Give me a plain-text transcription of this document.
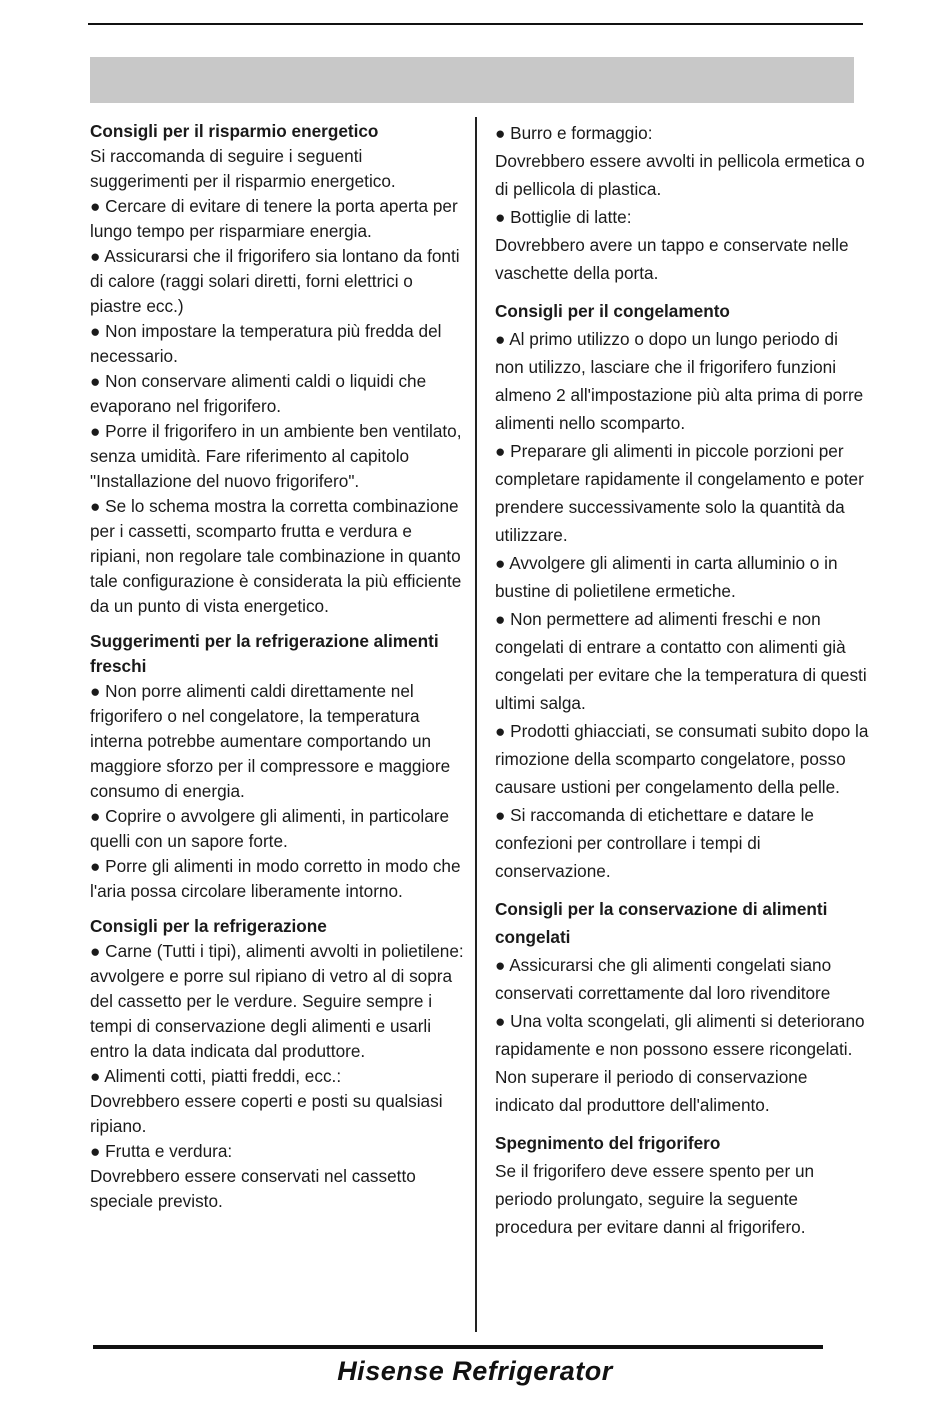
Consigli per il risparmio energetico
Si raccomanda di seguire i seguenti suggerimenti per il risparmio energetico.
● Cercare di evitare di tenere la porta aperta per lungo tempo per risparmiare energia.
● Assicurarsi che il frigorifero sia lontano da fonti di calore (raggi solari diretti, forni elettrici o piastre ecc.)
● Non impostare la temperatura più fredda del necessario.
● Non conservare alimenti caldi o liquidi che evaporano nel frigorifero.
● Porre il frigorifero in un ambiente ben ventilato, senza umidità. Fare riferimento al capitolo "Installazione del nuovo frigorifero".
● Se lo schema mostra la corretta combinazione per i cassetti, scomparto frutta e verdura e ripiani, non regolare tale combinazione in quanto tale configurazione è considerata la più efficiente da un punto di vista energetico.
Suggerimenti per la refrigerazione alimenti freschi
● Non porre alimenti caldi direttamente nel frigorifero o nel congelatore, la temperatura interna potrebbe aumentare comportando un maggiore sforzo per il compressore e maggiore consumo di energia.
● Coprire o avvolgere gli alimenti, in particolare quelli con un sapore forte.
● Porre gli alimenti in modo corretto in modo che l'aria possa circolare liberamente intorno.
Consigli per la refrigerazione
● Carne (Tutti i tipi), alimenti avvolti in polietilene: avvolgere e porre sul ripiano di vetro al di sopra del cassetto per le verdure. Seguire sempre i tempi di conservazione degli alimenti e usarli entro la data indicata dal produttore.
● Alimenti cotti, piatti freddi, ecc.:
Dovrebbero essere coperti e posti su qualsiasi ripiano.
● Frutta e verdura:
Dovrebbero essere conservati nel cassetto speciale previsto.
● Burro e formaggio:
Dovrebbero essere avvolti in pellicola ermetica o di pellicola di plastica.
● Bottiglie di latte:
Dovrebbero avere un tappo e conservate nelle vaschette della porta.
Consigli per il congelamento
● Al primo utilizzo o dopo un lungo periodo di non utilizzo, lasciare che il frigorifero funzioni almeno 2 all'impostazione più alta prima di porre alimenti nello scomparto.
● Preparare gli alimenti in piccole porzioni per completare rapidamente il congelamento e poter prendere successivamente solo la quantità da utilizzare.
● Avvolgere gli alimenti in carta alluminio o in bustine di polietilene ermetiche.
● Non permettere ad alimenti freschi e non congelati di entrare a contatto con alimenti già congelati per evitare che la temperatura di questi ultimi salga.
● Prodotti ghiacciati, se consumati subito dopo la rimozione della scomparto congelatore, posso causare ustioni per congelamento della pelle.
● Si raccomanda di etichettare e datare le confezioni per controllare i tempi di conservazione.
Consigli per la conservazione di alimenti congelati
● Assicurarsi che gli alimenti congelati siano conservati correttamente dal loro rivenditore
● Una volta scongelati, gli alimenti si deteriorano rapidamente e non possono essere ricongelati. Non superare il periodo di conservazione indicato dal produttore dell'alimento.
Spegnimento del frigorifero
Se il frigorifero deve essere spento per un periodo prolungato, seguire la seguente procedura per evitare danni al frigorifero.
Hisense Refrigerator
